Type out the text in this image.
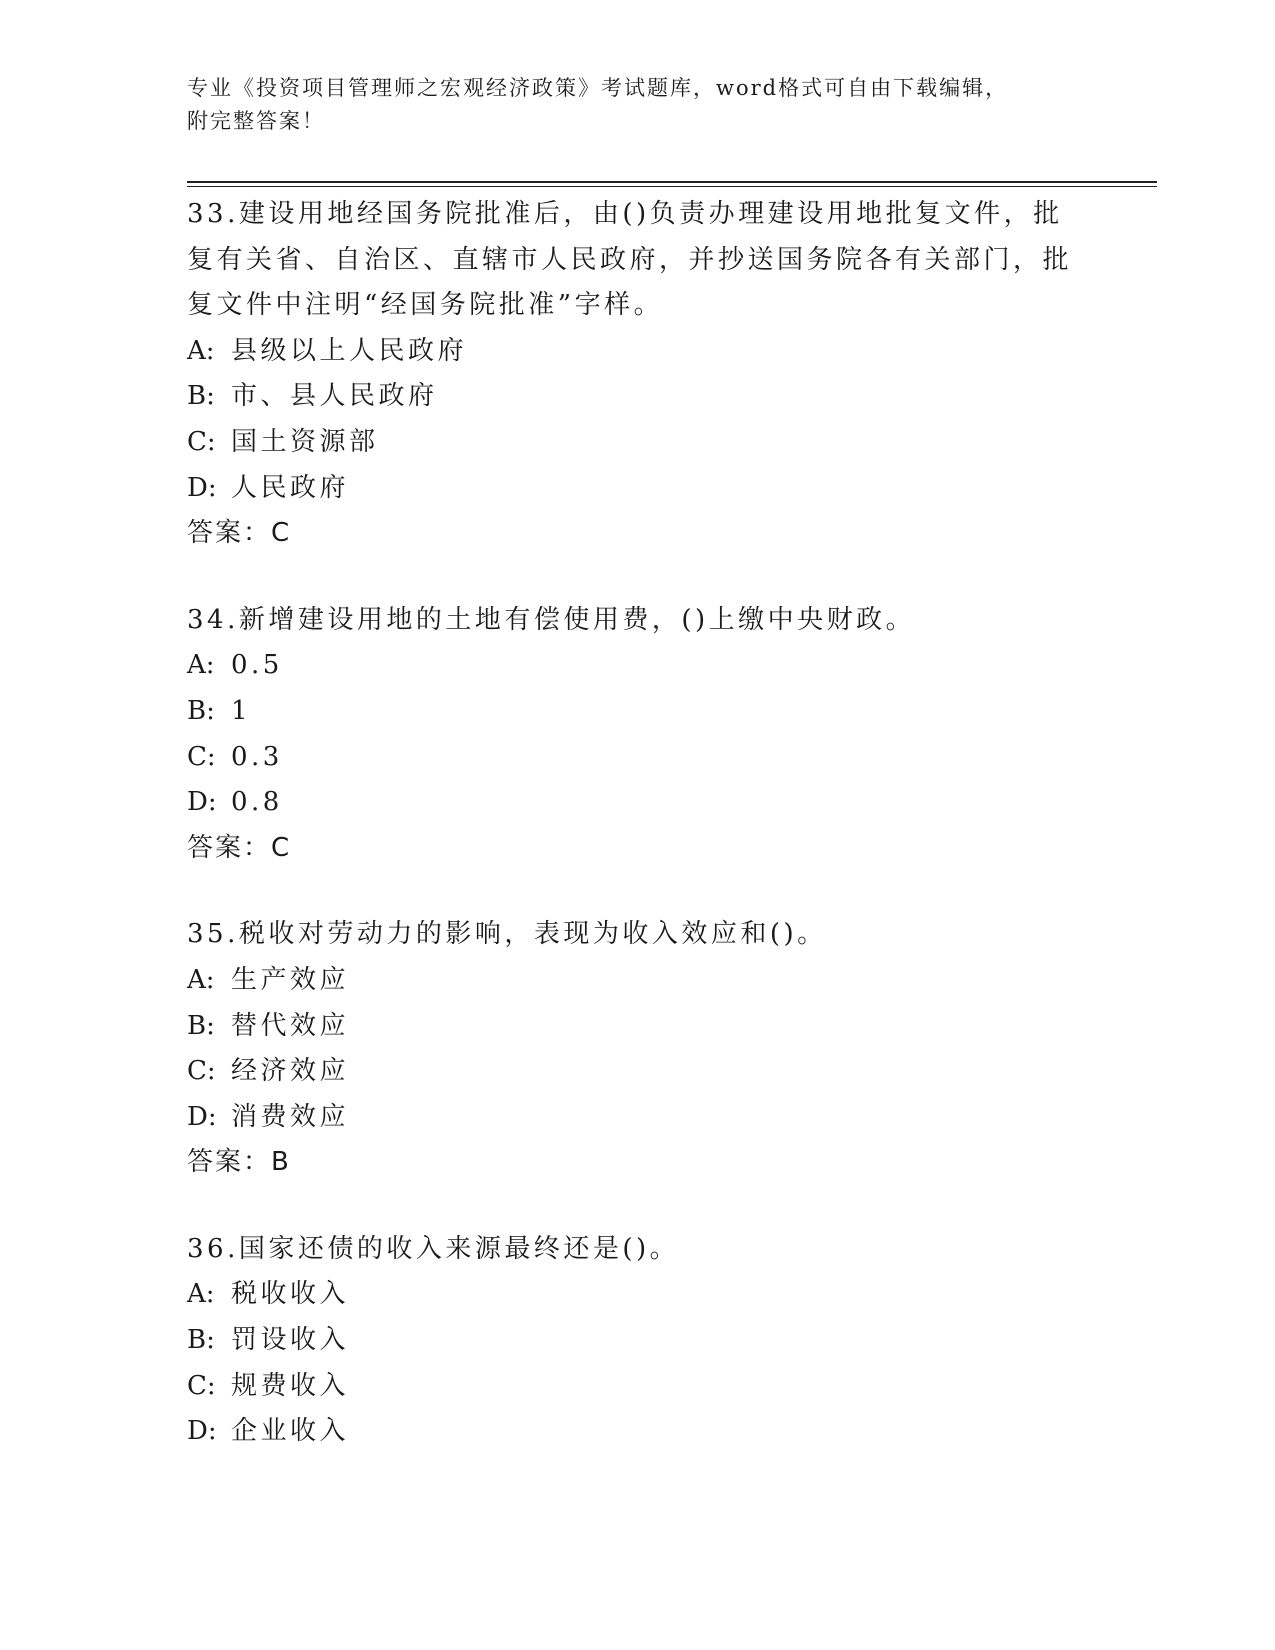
专业《投资项目管理师之宏观经济政策》考试题库，word格式可自由下载编辑，
附完整答案！
33.建设用地经国务院批准后，由()负责办理建设用地批复文件，批复有关省、自治区、直辖市人民政府，并抄送国务院各有关部门，批复文件中注明“经国务院批准”字样。
A: 县级以上人民政府
B: 市、县人民政府
C: 国土资源部
D: 人民政府
答案：C
34.新增建设用地的土地有偿使用费，()上缴中央财政。
A: 0.5
B: 1
C: 0.3
D: 0.8
答案：C
35.税收对劳动力的影响，表现为收入效应和()。
A: 生产效应
B: 替代效应
C: 经济效应
D: 消费效应
答案：B
36.国家还债的收入来源最终还是()。
A: 税收收入
B: 罚设收入
C: 规费收入
D: 企业收入
